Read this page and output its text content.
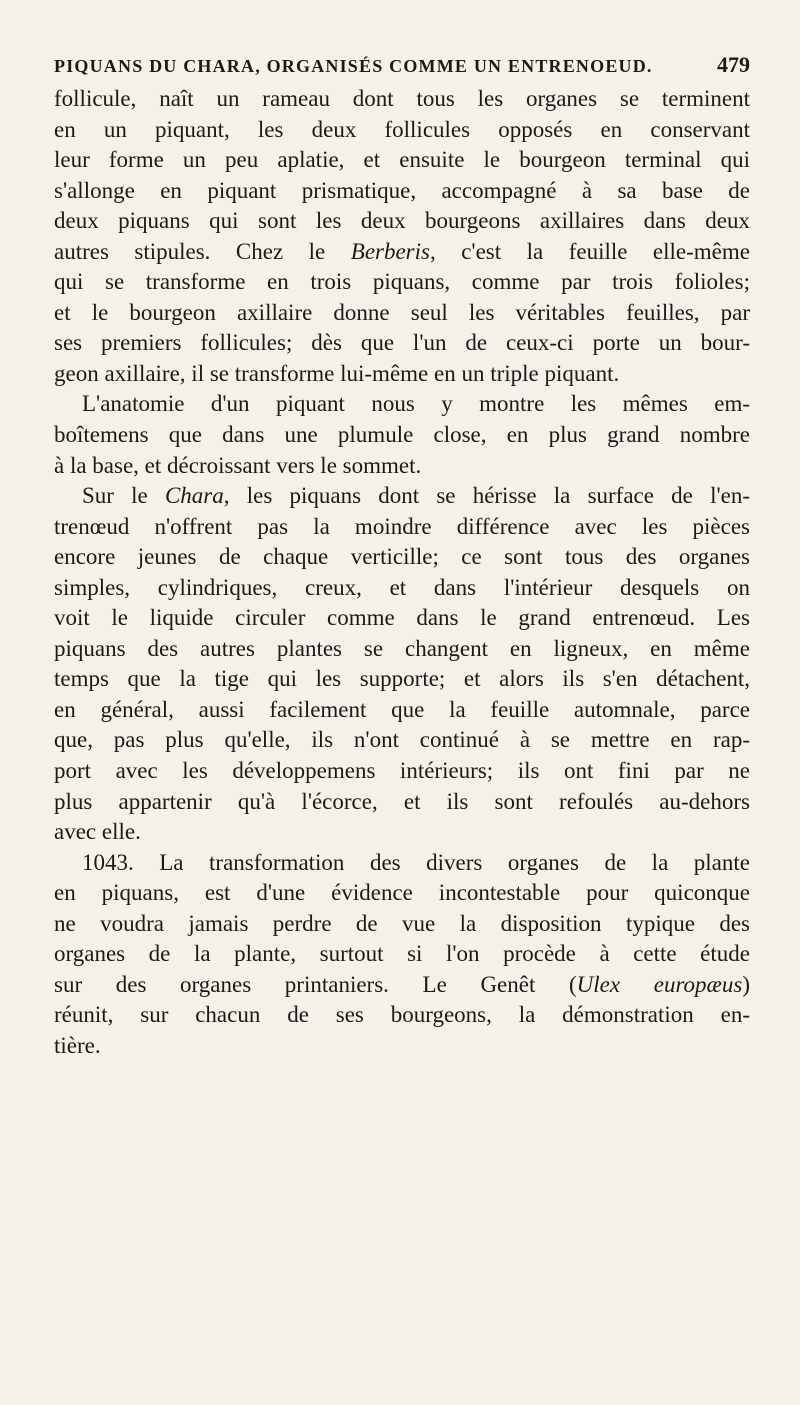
PIQUANS DU CHARA, ORGANISÉS COMME UN ENTRENOEUD.	479

follicule, naît un rameau dont tous les organes se terminent
en un piquant, les deux follicules opposés en conservant
leur forme un peu aplatie, et ensuite le bourgeon terminal qui
s'allonge en piquant prismatique, accompagné à sa base de
deux piquans qui sont les deux bourgeons axillaires dans deux
autres stipules. Chez le Berberis, c'est la feuille elle-même
qui se transforme en trois piquans, comme par trois folioles;
et le bourgeon axillaire donne seul les véritables feuilles, par
ses premiers follicules; dès que l'un de ceux-ci porte un bour-
geon axillaire, il se transforme lui-même en un triple piquant.

L'anatomie d'un piquant nous y montre les mêmes em-
boîtemens que dans une plumule close, en plus grand nombre
à la base, et décroissant vers le sommet.

Sur le Chara, les piquans dont se hérisse la surface de l'en-
trenœud n'offrent pas la moindre différence avec les pièces
encore jeunes de chaque verticille; ce sont tous des organes
simples, cylindriques, creux, et dans l'intérieur desquels on
voit le liquide circuler comme dans le grand entrenœud. Les
piquans des autres plantes se changent en ligneux, en même
temps que la tige qui les supporte; et alors ils s'en détachent,
en général, aussi facilement que la feuille automnale, parce
que, pas plus qu'elle, ils n'ont continué à se mettre en rap-
port avec les développemens intérieurs; ils ont fini par ne
plus appartenir qu'à l'écorce, et ils sont refoulés au-dehors
avec elle.

1043. La transformation des divers organes de la plante
en piquans, est d'une évidence incontestable pour quiconque
ne voudra jamais perdre de vue la disposition typique des
organes de la plante, surtout si l'on procède à cette étude
sur des organes printaniers. Le Genêt (Ulex europæus)
réunit, sur chacun de ses bourgeons, la démonstration en-
tière.
